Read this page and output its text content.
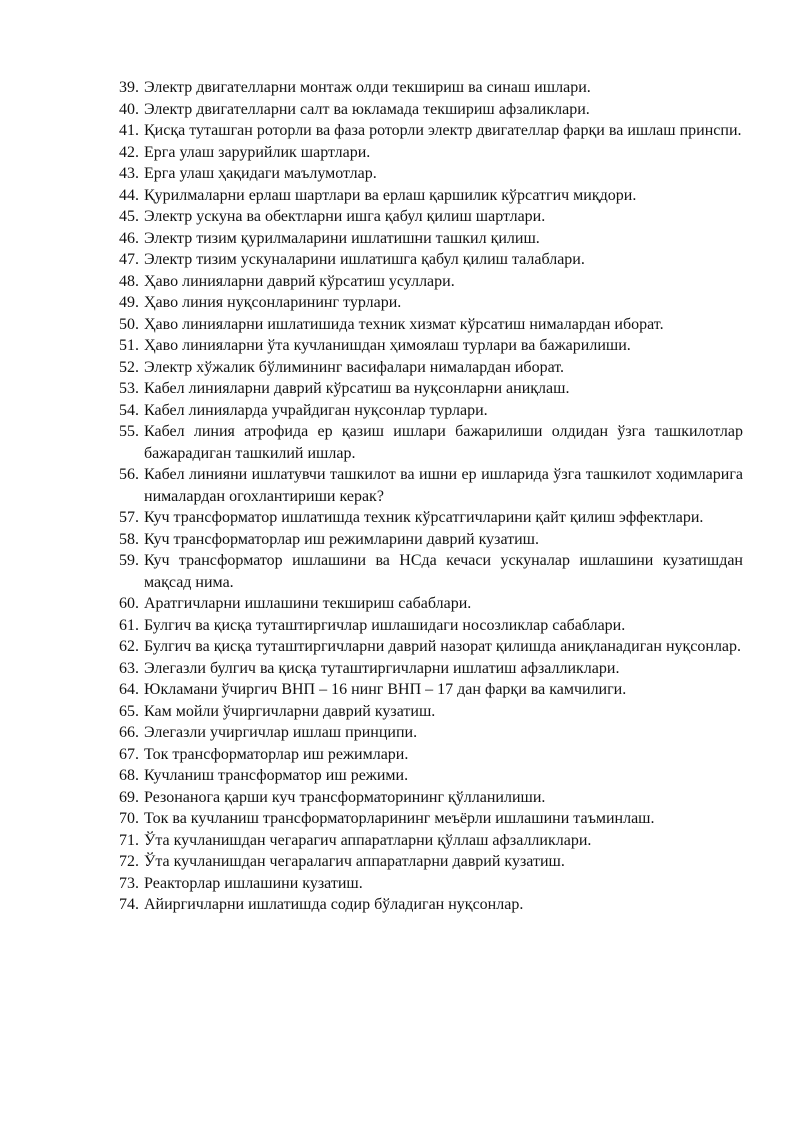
39. Электр двигателларни монтаж олди текшириш ва синаш ишлари.
40. Электр двигателларни салт ва юкламада текшириш афзаликлари.
41. Қисқа туташган роторли ва фаза роторли электр двигателлар фарқи ва ишлаш принспи.
42. Ерга улаш зарурийлик шартлари.
43. Ерга улаш ҳақидаги маълумотлар.
44. Қурилмаларни ерлаш шартлари ва ерлаш қаршилик кўрсатгич миқдори.
45. Электр ускуна ва обектларни ишга қабул қилиш шартлари.
46. Электр тизим қурилмаларини ишлатишни ташкил қилиш.
47. Электр тизим ускуналарини ишлатишга қабул қилиш талаблари.
48. Ҳаво линияларни даврий кўрсатиш усуллари.
49. Ҳаво линия нуқсонларининг турлари.
50. Ҳаво линияларни ишлатишида техник хизмат кўрсатиш нималардан иборат.
51. Ҳаво линияларни ўта кучланишдан ҳимоялаш турлари ва бажарилиши.
52. Электр хўжалик бўлимининг васифалари нималардан иборат.
53. Кабел линияларни даврий кўрсатиш ва нуқсонларни аниқлаш.
54. Кабел линияларда учрайдиган нуқсонлар турлари.
55. Кабел линия атрофида ер қазиш ишлари бажарилиши олдидан ўзга ташкилотлар бажарадиган ташкилий ишлар.
56. Кабел линияни ишлатувчи ташкилот ва ишни ер ишларида ўзга ташкилот ходимларига нималардан огохлантириши керак?
57. Куч трансформатор ишлатишда техник кўрсатгичларини қайт қилиш эффектлари.
58. Куч трансформаторлар иш режимларини даврий кузатиш.
59. Куч трансформатор ишлашини ва НСда кечаси ускуналар ишлашини кузатишдан мақсад нима.
60. Аратгичларни ишлашини текшириш сабаблари.
61. Булгич ва қисқа туташтиргичлар ишлашидаги носозликлар сабаблари.
62. Булгич ва қисқа туташтиргичларни даврий назорат қилишда аниқланадиган нуқсонлар.
63. Элегазли булгич ва қисқа туташтиргичларни ишлатиш афзалликлари.
64. Юкламани ўчиргич ВНП – 16 нинг ВНП – 17 дан фарқи ва камчилиги.
65. Кам мойли ўчиргичларни даврий кузатиш.
66. Элегазли учиргичлар ишлаш принципи.
67. Ток трансформаторлар иш режимлари.
68. Кучланиш трансформатор иш режими.
69. Резонанога қарши куч трансформаторининг қўлланилиши.
70. Ток ва кучланиш трансформаторларининг меъёрли ишлашини таъминлаш.
71. Ўта кучланишдан чегарагич аппаратларни қўллаш афзалликлари.
72. Ўта кучланишдан чегаралагич аппаратларни даврий кузатиш.
73. Реакторлар ишлашини кузатиш.
74. Айиргичларни ишлатишда содир бўладиган нуқсонлар.
